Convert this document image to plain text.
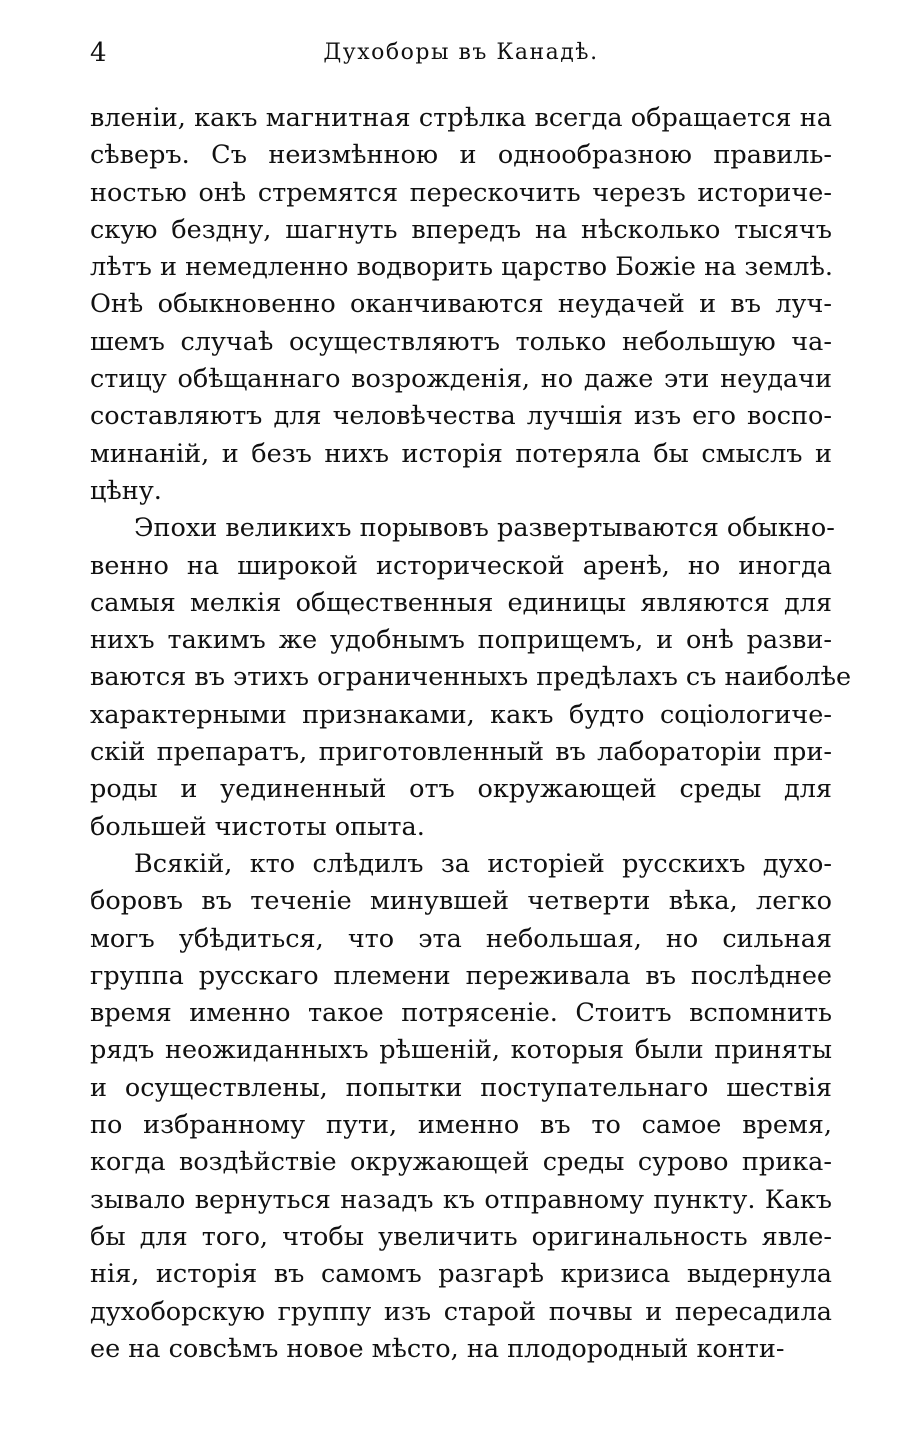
4	Духоборы въ Канадѣ.

вленіи, какъ магнитная стрѣлка всегда обращается на
сѣверъ. Съ неизмѣнною и однообразною правиль-
ностью онѣ стремятся перескочить черезъ историче-
скую бездну, шагнуть впередъ на нѣсколько тысячъ
лѣтъ и немедленно водворить царство Божіе на землѣ.
Онѣ обыкновенно оканчиваются неудачей и въ луч-
шемъ случаѣ осуществляютъ только небольшую ча-
стицу обѣщаннаго возрожденія, но даже эти неудачи
составляютъ для человѣчества лучшія изъ его воспо-
минаній, и безъ нихъ исторія потеряла бы смыслъ и
цѣну.

Эпохи великихъ порывовъ развертываются обыкно-
венно на широкой исторической аренѣ, но иногда
самыя мелкія общественныя единицы являются для
нихъ такимъ же удобнымъ поприщемъ, и онѣ разви-
ваются въ этихъ ограниченныхъ предѣлахъ съ наиболѣе
характерными признаками, какъ будто соціологиче-
скій препаратъ, приготовленный въ лабораторіи при-
роды и уединенный отъ окружающей среды для
большей чистоты опыта.

Всякій, кто слѣдилъ за исторіей русскихъ духо-
боровъ въ теченіе минувшей четверти вѣка, легко
могъ убѣдиться, что эта небольшая, но сильная
группа русскаго племени переживала въ послѣднее
время именно такое потрясеніе. Стоитъ вспомнить
рядъ неожиданныхъ рѣшеній, которыя были приняты
и осуществлены, попытки поступательнаго шествія
по избранному пути, именно въ то самое время,
когда воздѣйствіе окружающей среды сурово прика-
зывало вернуться назадъ къ отправному пункту. Какъ
бы для того, чтобы увеличить оригинальность явле-
нія, исторія въ самомъ разгарѣ кризиса выдернула
духоборскую группу изъ старой почвы и пересадила
ее на совсѣмъ новое мѣсто, на плодородный конти-
